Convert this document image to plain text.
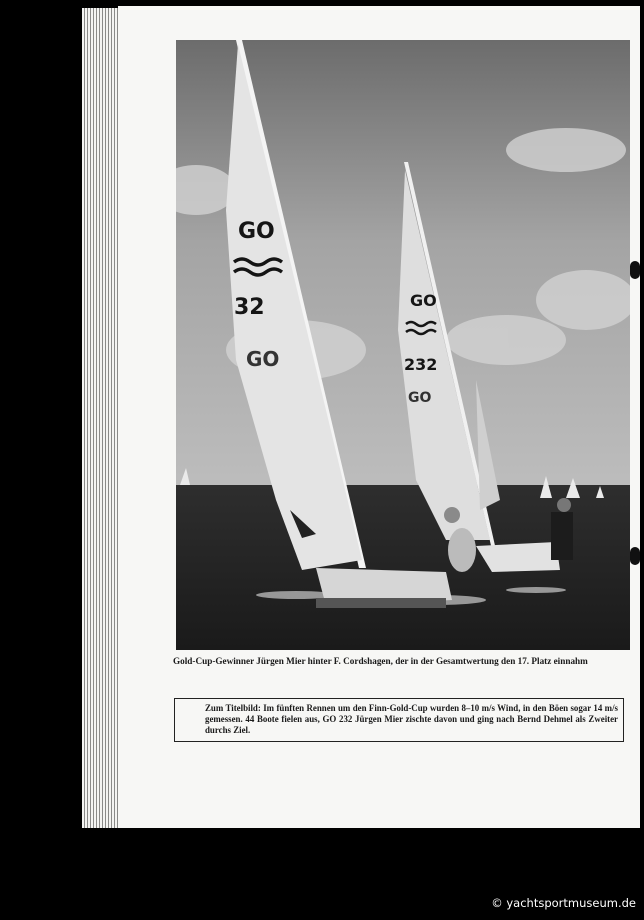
GO
32
GO
GO
232
GO
Gold-Cup-Gewinner Jürgen Mier hinter F. Cordshagen, der in der Gesamtwertung den 17. Platz einnahm
Zum Titelbild: Im fünften Rennen um den Finn-Gold-Cup wurden 8–10 m/s Wind, in den Böen sogar 14 m/s gemessen. 44 Boote fielen aus, GO 232 Jürgen Mier zischte davon und ging nach Bernd Dehmel als Zweiter durchs Ziel.
© yachtsportmuseum.de
